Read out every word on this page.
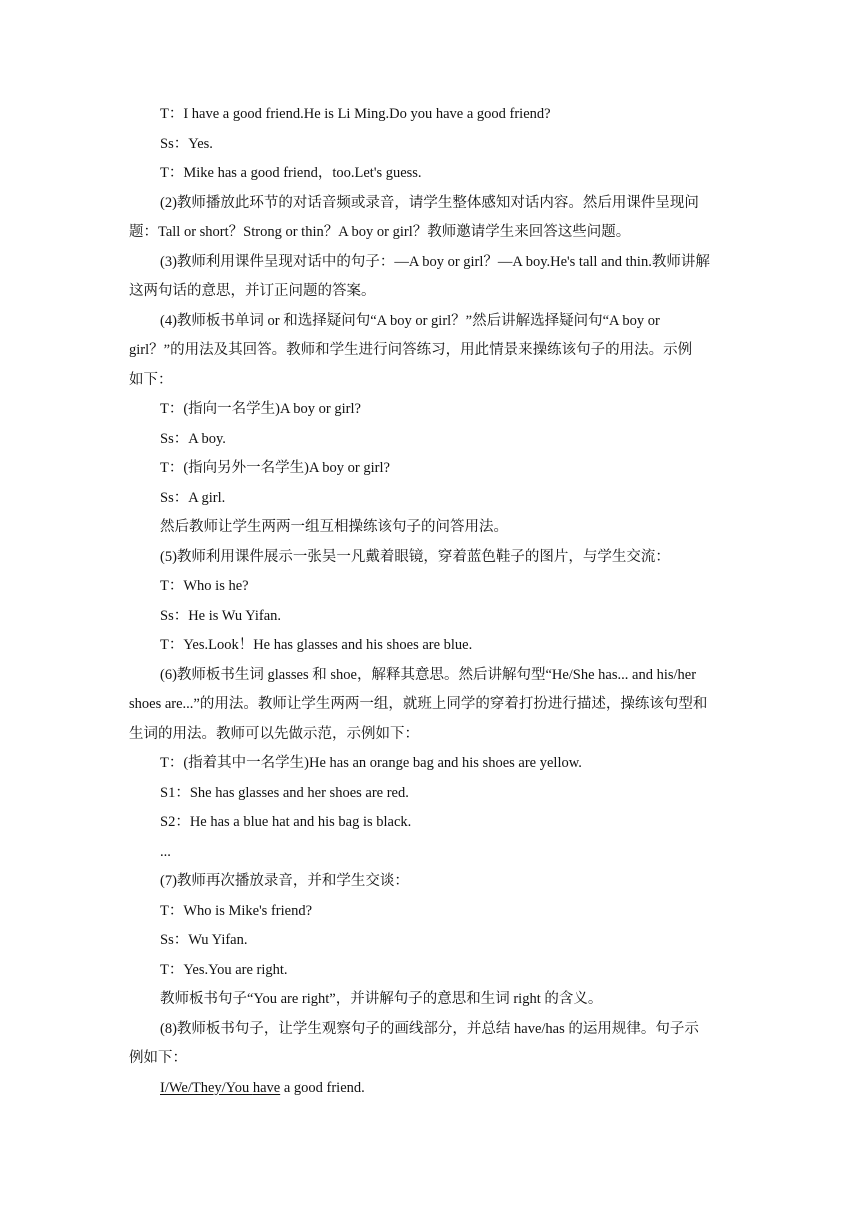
T：I have a good friend.He is Li Ming.Do you have a good friend?

Ss：Yes.

T：Mike has a good friend，too.Let's guess.

(2)教师播放此环节的对话音频或录音，请学生整体感知对话内容。然后用课件呈现问
题：Tall or short？Strong or thin？A boy or girl？教师邀请学生来回答这些问题。

(3)教师利用课件呈现对话中的句子：—A boy or girl？—A boy.He's tall and thin.教师讲解
这两句话的意思，并订正问题的答案。

(4)教师板书单词 or 和选择疑问句“A boy or girl？”然后讲解选择疑问句“A boy or
girl？”的用法及其回答。教师和学生进行问答练习，用此情景来操练该句子的用法。示例
如下：

T：(指向一名学生)A boy or girl?

Ss：A boy.

T：(指向另外一名学生)A boy or girl?

Ss：A girl.

然后教师让学生两两一组互相操练该句子的问答用法。

(5)教师利用课件展示一张吴一凡戴着眼镜，穿着蓝色鞋子的图片，与学生交流：

T：Who is he?

Ss：He is Wu Yifan.

T：Yes.Look！He has glasses and his shoes are blue.

(6)教师板书生词 glasses 和 shoe，解释其意思。然后讲解句型“He/She has... and his/her
shoes are...”的用法。教师让学生两两一组，就班上同学的穿着打扮进行描述，操练该句型和
生词的用法。教师可以先做示范，示例如下：

T：(指着其中一名学生)He has an orange bag and his shoes are yellow.

S1：She has glasses and her shoes are red.

S2：He has a blue hat and his bag is black.

...

(7)教师再次播放录音，并和学生交谈：

T：Who is Mike's friend?

Ss：Wu Yifan.

T：Yes.You are right.

教师板书句子“You are right”，并讲解句子的意思和生词 right 的含义。

(8)教师板书句子，让学生观察句子的画线部分，并总结 have/has 的运用规律。句子示
例如下：

I/We/They/You have a good friend.
